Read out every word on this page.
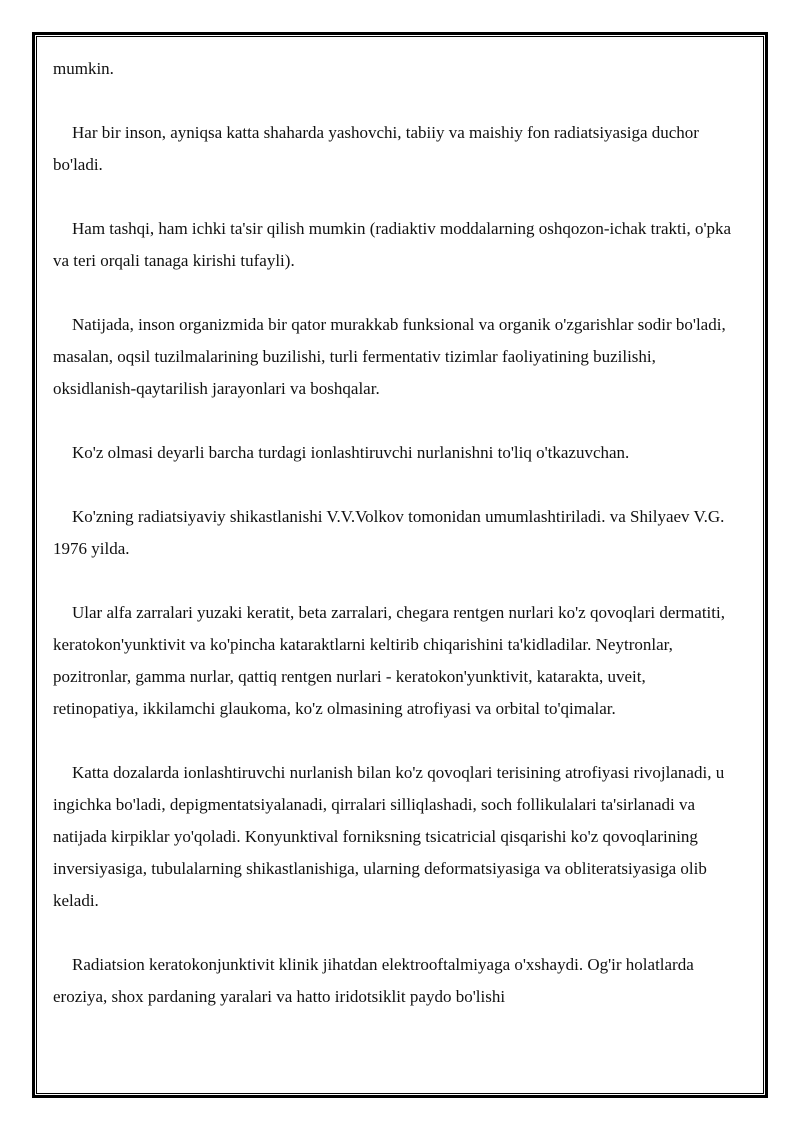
mumkin.

Har bir inson, ayniqsa katta shaharda yashovchi, tabiiy va maishiy fon radiatsiyasiga duchor bo'ladi.

Ham tashqi, ham ichki ta'sir qilish mumkin (radiaktiv moddalarning oshqozon-ichak trakti, o'pka va teri orqali tanaga kirishi tufayli).

Natijada, inson organizmida bir qator murakkab funksional va organik o'zgarishlar sodir bo'ladi, masalan, oqsil tuzilmalarining buzilishi, turli fermentativ tizimlar faoliyatining buzilishi, oksidlanish-qaytarilish jarayonlari va boshqalar.

Ko'z olmasi deyarli barcha turdagi ionlashtiruvchi nurlanishni to'liq o'tkazuvchan.

Ko'zning radiatsiyaviy shikastlanishi V.V.Volkov tomonidan umumlashtiriladi. va Shilyaev V.G. 1976 yilda.

Ular alfa zarralari yuzaki keratit, beta zarralari, chegara rentgen nurlari ko'z qovoqlari dermatiti, keratokon'yunktivit va ko'pincha kataraktlarni keltirib chiqarishini ta'kidladilar. Neytronlar, pozitronlar, gamma nurlar, qattiq rentgen nurlari - keratokon'yunktivit, katarakta, uveit, retinopatiya, ikkilamchi glaukoma, ko'z olmasining atrofiyasi va orbital to'qimalar.

Katta dozalarda ionlashtiruvchi nurlanish bilan ko'z qovoqlari terisining atrofiyasi rivojlanadi, u ingichka bo'ladi, depigmentatsiyalanadi, qirralari silliqlashadi, soch follikulalari ta'sirlanadi va natijada kirpiklar yo'qoladi. Konyunktival forniksning tsicatricial qisqarishi ko'z qovoqlarining inversiyasiga, tubulalarning shikastlanishiga, ularning deformatsiyasiga va obliteratsiyasiga olib keladi.

Radiatsion keratokonjunktivit klinik jihatdan elektrooftalmiyaga o'xshaydi. Og'ir holatlarda eroziya, shox pardaning yaralari va hatto iridotsiklit paydo bo'lishi
